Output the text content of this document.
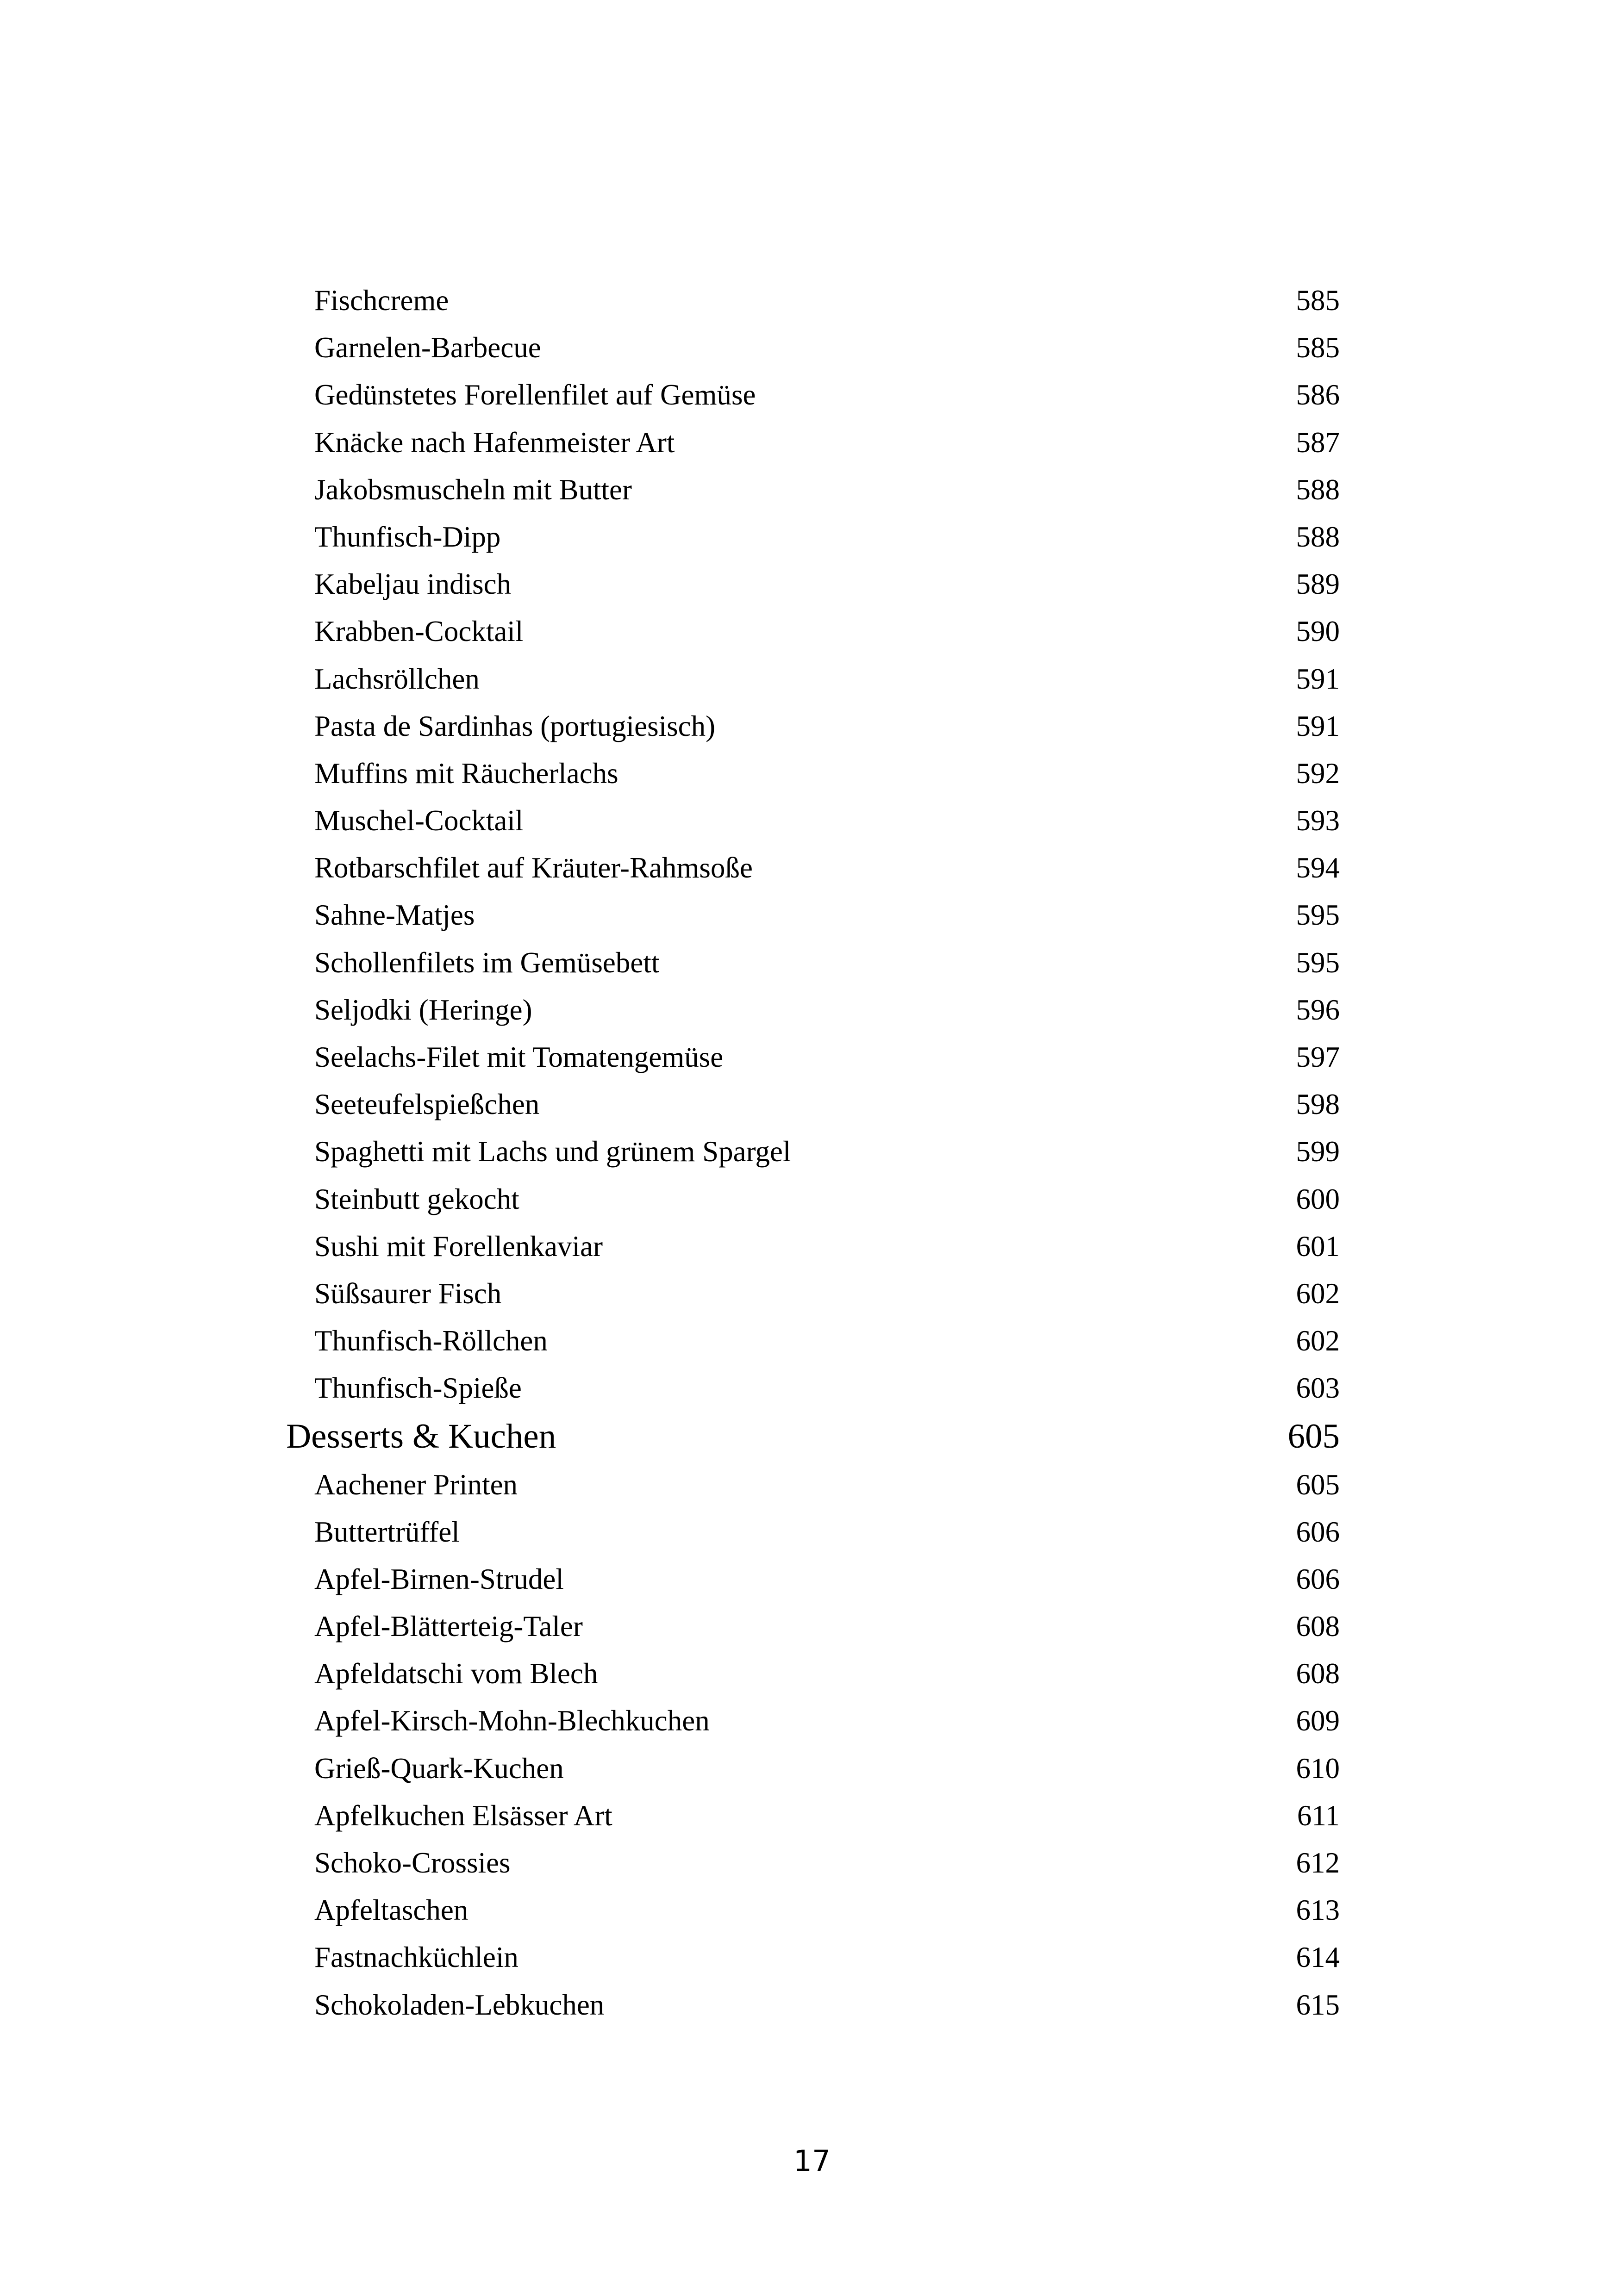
Fischcreme	585
Garnelen-Barbecue	585
Gedünstetes Forellenfilet auf Gemüse	586
Knäcke nach Hafenmeister Art	587
Jakobsmuscheln mit Butter	588
Thunfisch-Dipp	588
Kabeljau indisch	589
Krabben-Cocktail	590
Lachsröllchen	591
Pasta de Sardinhas (portugiesisch)	591
Muffins mit Räucherlachs	592
Muschel-Cocktail	593
Rotbarschfilet auf Kräuter-Rahmsoße	594
Sahne-Matjes	595
Schollenfilets im Gemüsebett	595
Seljodki (Heringe)	596
Seelachs-Filet mit Tomatengemüse	597
Seeteufelspießchen	598
Spaghetti mit Lachs und grünem Spargel	599
Steinbutt gekocht	600
Sushi mit Forellenkaviar	601
Süßsaurer Fisch	602
Thunfisch-Röllchen	602
Thunfisch-Spieße	603
Desserts & Kuchen	605
Aachener Printen	605
Buttertrüffel	606
Apfel-Birnen-Strudel	606
Apfel-Blätterteig-Taler	608
Apfeldatschi vom Blech	608
Apfel-Kirsch-Mohn-Blechkuchen	609
Grieß-Quark-Kuchen	610
Apfelkuchen Elsässer Art	611
Schoko-Crossies	612
Apfeltaschen	613
Fastnachküchlein	614
Schokoladen-Lebkuchen	615
17
